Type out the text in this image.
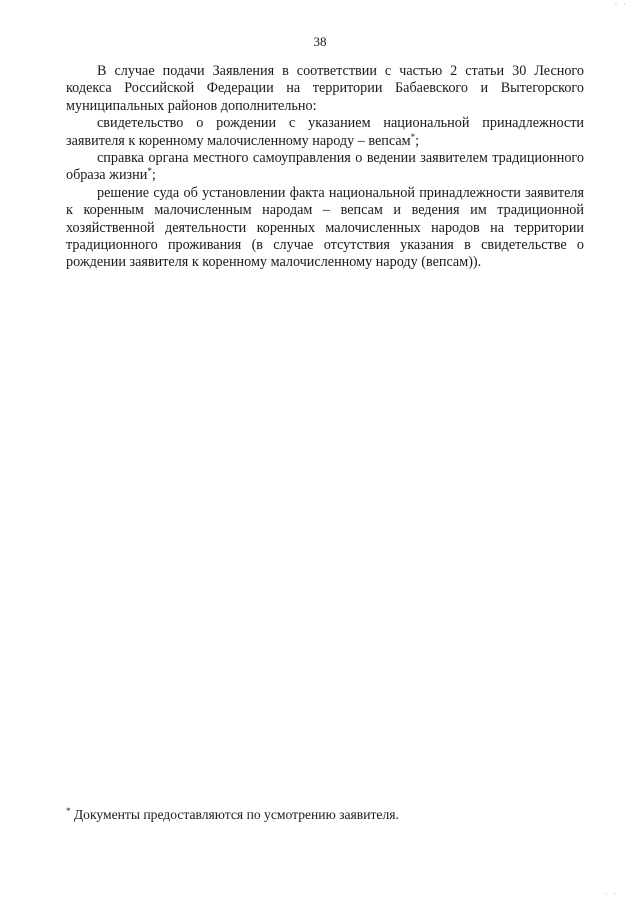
· ·
38

В случае подачи Заявления в соответствии с частью 2 статьи 30 Лесного кодекса Российской Федерации на территории Бабаевского и Вытегорского муниципальных районов дополнительно:

свидетельство о рождении с указанием национальной принадлежности заявителя к коренному малочисленному народу – вепсам*;

справка органа местного самоуправления о ведении заявителем традиционного образа жизни*;

решение суда об установлении факта национальной принадлежности заявителя к коренным малочисленным народам – вепсам и ведения им традиционной хозяйственной деятельности коренных малочисленных народов на территории традиционного проживания (в случае отсутствия указания в свидетельстве о рождении заявителя к коренному малочисленному народу (вепсам)).

* Документы предоставляются по усмотрению заявителя.
· ·
